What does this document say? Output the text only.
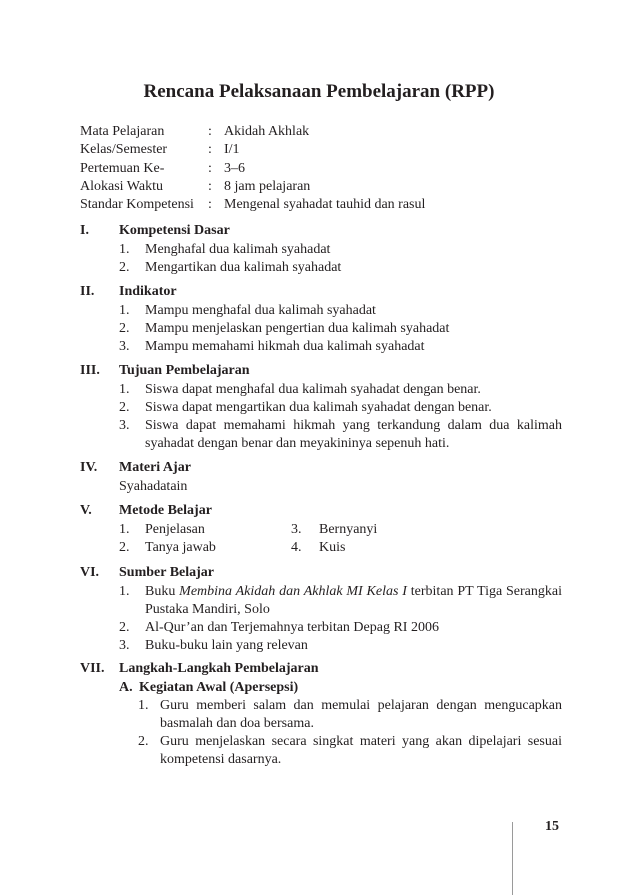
Rencana Pelaksanaan Pembelajaran (RPP)
Mata Pelajaran	: Akidah Akhlak
Kelas/Semester	: I/1
Pertemuan Ke-	: 3–6
Alokasi Waktu	: 8 jam pelajaran
Standar Kompetensi	: Mengenal syahadat tauhid dan rasul
I.	Kompetensi Dasar
1.	Menghafal dua kalimah syahadat
2.	Mengartikan dua kalimah syahadat
II.	Indikator
1.	Mampu menghafal dua kalimah syahadat
2.	Mampu menjelaskan pengertian dua kalimah syahadat
3.	Mampu memahami hikmah dua kalimah syahadat
III.	Tujuan Pembelajaran
1.	Siswa dapat menghafal dua kalimah syahadat dengan benar.
2.	Siswa dapat mengartikan dua kalimah syahadat dengan benar.
3.	Siswa dapat memahami hikmah yang terkandung dalam dua kalimah syahadat dengan benar dan meyakininya sepenuh hati.
IV.	Materi Ajar
Syahadatain
V.	Metode Belajar
1.	Penjelasan	3.	Bernyanyi
2.	Tanya jawab	4.	Kuis
VI.	Sumber Belajar
1.	Buku Membina Akidah dan Akhlak MI Kelas I terbitan PT Tiga Serangkai Pustaka Mandiri, Solo
2.	Al-Qur’an dan Terjemahnya terbitan Depag RI 2006
3.	Buku-buku lain yang relevan
VII.	Langkah-Langkah Pembelajaran
A. Kegiatan Awal (Apersepsi)
1. Guru memberi salam dan memulai pelajaran dengan mengucapkan basmalah dan doa bersama.
2. Guru menjelaskan secara singkat materi yang akan dipelajari sesuai kompetensi dasarnya.
15
